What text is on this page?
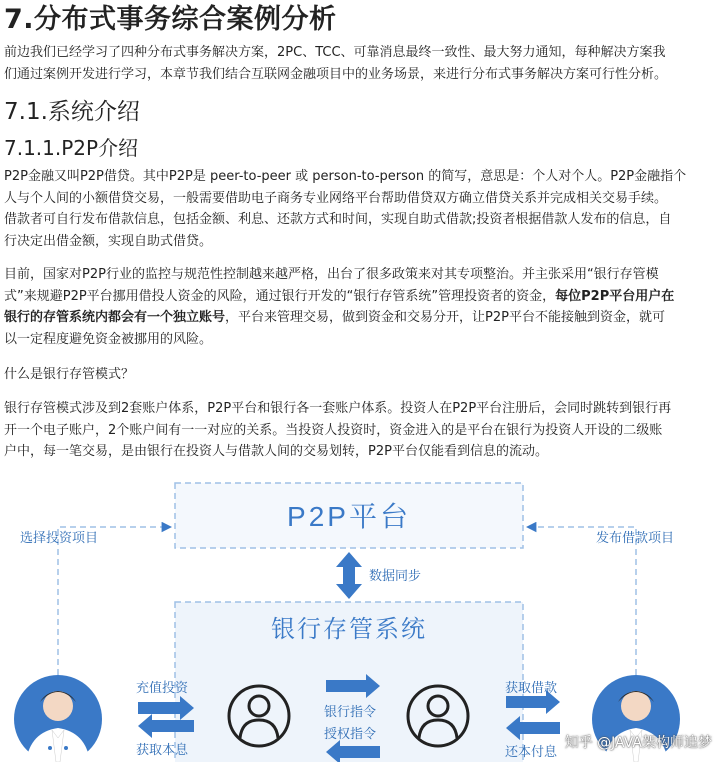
7.分布式事务综合案例分析
前边我们已经学习了四种分布式事务解决方案，2PC、TCC、可靠消息最终一致性、最大努力通知，每种解决方案我
们通过案例开发进行学习，本章节我们结合互联网金融项目中的业务场景，来进行分布式事务解决方案可行性分析。
7.1.系统介绍
7.1.1.P2P介绍
P2P金融又叫P2P借贷。其中P2P是 peer-to-peer 或 person-to-person 的简写，意思是：个人对个人。P2P金融指个
人与个人间的小额借贷交易，一般需要借助电子商务专业网络平台帮助借贷双方确立借贷关系并完成相关交易手续。
借款者可自行发布借款信息，包括金额、利息、还款方式和时间，实现自助式借款;投资者根据借款人发布的信息，自
行决定出借金额，实现自助式借贷。
目前，国家对P2P行业的监控与规范性控制越来越严格，出台了很多政策来对其专项整治。并主张采用“银行存管模
式”来规避P2P平台挪用借投人资金的风险，通过银行开发的“银行存管系统”管理投资者的资金，每位P2P平台用户在
银行的存管系统内都会有一个独立账号，平台来管理交易，做到资金和交易分开，让P2P平台不能接触到资金，就可
以一定程度避免资金被挪用的风险。
什么是银行存管模式？
银行存管模式涉及到2套账户体系，P2P平台和银行各一套账户体系。投资人在P2P平台注册后，会同时跳转到银行再
开一个电子账户，2个账户间有一一对应的关系。当投资人投资时，资金进入的是平台在银行为投资人开设的二级账
户中，每一笔交易，是由银行在投资人与借款人间的交易划转，P2P平台仅能看到信息的流动。
P2P平台
数据同步
银行存管系统
选择投资项目	发布借款项目
充值投资
获取本息
银行指令
授权指令
获取借款
还本付息
知乎 @JAVA架构师追梦
